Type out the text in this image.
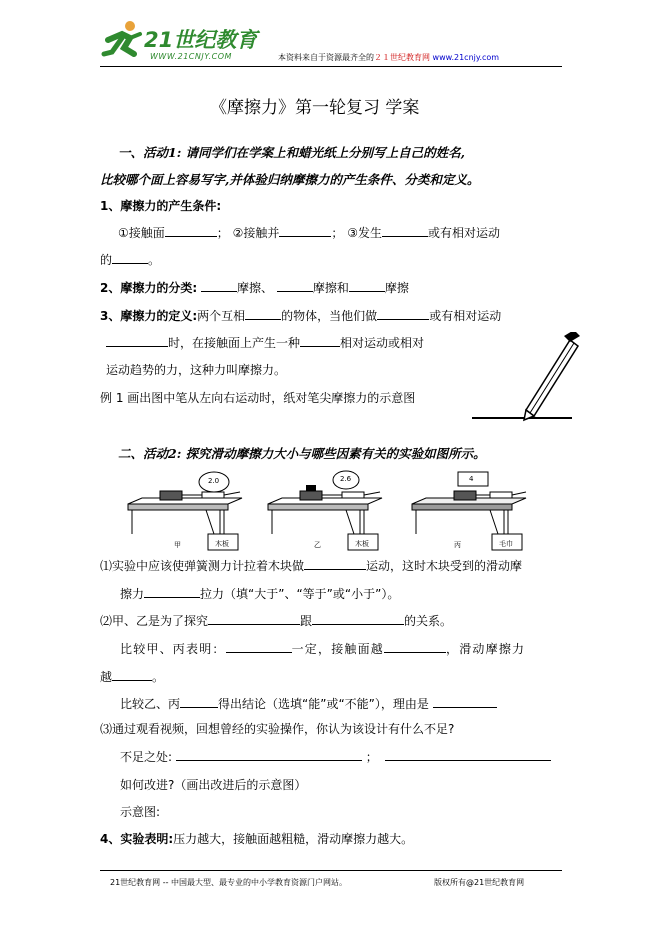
21世纪教育
WWW.21CNJY.COM	本资料来自于资源最齐全的２１世纪教育网 www.21cnjy.com
《摩擦力》第一轮复习 学案
一、活动1: 请同学们在学案上和蜡光纸上分别写上自己的姓名,
比较哪个面上容易写字,并体验归纳摩擦力的产生条件、分类和定义。
1、摩擦力的产生条件:
①接触面	； ②接触并	； ③发生	或有相对运动
的	。
2、摩擦力的分类:	摩擦、	摩擦和	摩擦
3、摩擦力的定义:两个互相	的物体，当他们做	或有相对运动
时，在接触面上产生一种	相对运动或相对
运动趋势的力，这种力叫摩擦力。
例 1 画出图中笔从左向右运动时，纸对笔尖摩擦力的示意图
二、活动2: 探究滑动摩擦力大小与哪些因素有关的实验如图所示。
2.0
甲	木板
2.6
乙	木板
4
丙	毛巾
⑴实验中应该使弹簧测力计拉着木块做	运动，这时木块受到的滑动摩
擦力	拉力（填“大于”、“等于”或“小于”）。
⑵甲、乙是为了探究	跟	的关系。
比较甲、丙表明：	一定，接触面越	，滑动摩擦力
越	。
比较乙、丙	得出结论（选填“能”或“不能”），理由是
⑶通过观看视频，回想曾经的实验操作，你认为该设计有什么不足?
不足之处:	；
如何改进?（画出改进后的示意图）
示意图:
4、实验表明:压力越大，接触面越粗糙，滑动摩擦力越大。
21世纪教育网 -- 中国最大型、最专业的中小学教育资源门户网站。	版权所有@21世纪教育网
